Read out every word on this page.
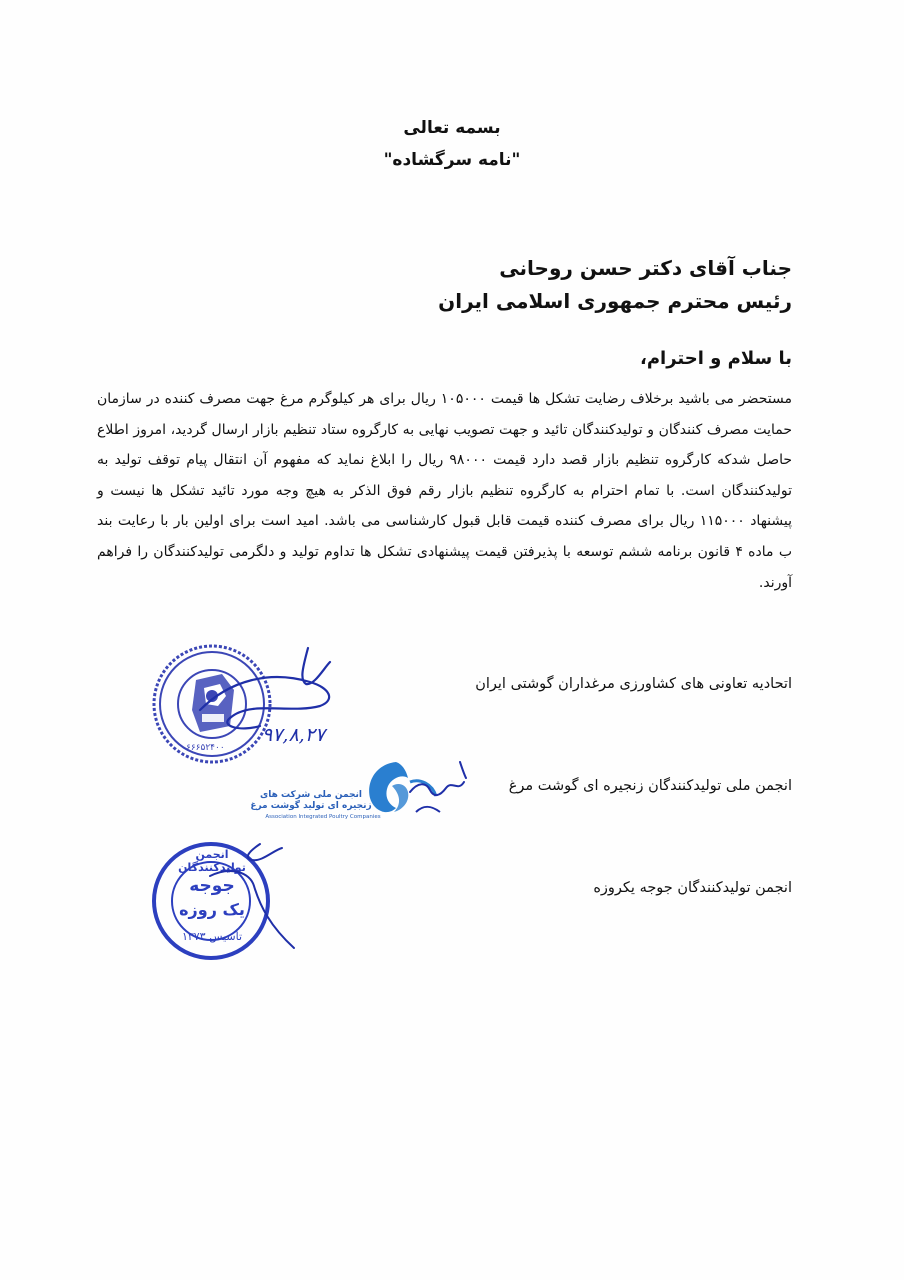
بسمه تعالی
"نامه سرگشاده"
جناب آقای دکتر حسن روحانی
رئیس محترم جمهوری اسلامی ایران
با سلام و احترام،
مستحضر می باشید برخلاف رضایت تشکل ها قیمت ۱۰۵۰۰۰ ریال برای هر کیلوگرم مرغ جهت مصرف کننده در سازمان حمایت مصرف کنندگان و تولیدکنندگان تائید و جهت تصویب نهایی به کارگروه ستاد تنظیم بازار ارسال گردید، امروز اطلاع حاصل شدکه کارگروه تنظیم بازار قصد دارد قیمت ۹۸۰۰۰ ریال را ابلاغ نماید که مفهوم آن انتقال پیام توقف تولید به تولیدکنندگان است. با تمام احترام به کارگروه تنظیم بازار رقم فوق الذکر به هیچ وجه مورد تائید تشکل ها نیست و پیشنهاد ۱۱۵۰۰۰ ریال برای مصرف کننده قیمت قابل قبول کارشناسی می باشد. امید است برای اولین بار با رعایت بند ب ماده ۴ قانون برنامه ششم توسعه با پذیرفتن قیمت پیشنهادی تشکل ها تداوم تولید و دلگرمی تولیدکنندگان را فراهم آورند.
اتحادیه تعاونی های کشاورزی مرغداران گوشتی ایران
انجمن ملی تولیدکنندگان زنجیره ای گوشت مرغ
انجمن تولیدکنندگان جوجه یکروزه
۶۶۶۵۲۴۰۰
۹۷,۸,۲۷
انجمن ملی شرکت های زنجیره ای تولید گوشت مرغ
Association Integrated Poultry Companies
انجمن تولیدکنندگان
جوجه
یک روزه
تاسیس ۱۳۷۳
